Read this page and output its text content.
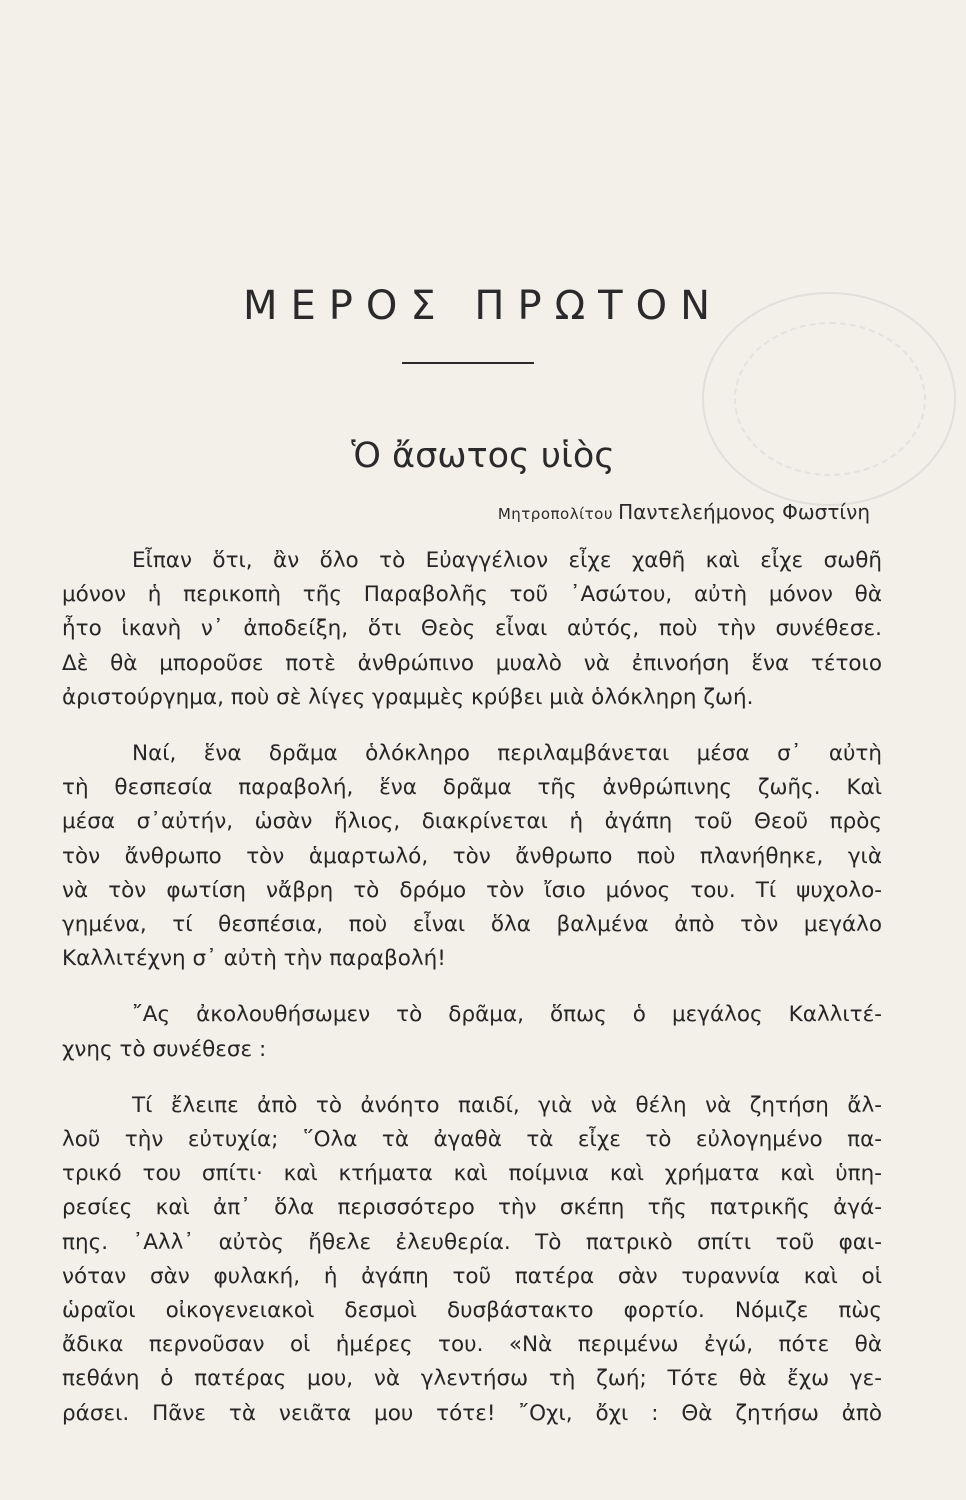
ΜΕΡΟΣ ΠΡΩΤΟΝ
Ὁ ἄσωτος υἱὸς
Μητροπολίτου Παντελεήμονος Φωστίνη
Εἶπαν ὅτι, ἂν ὅλο τὸ Εὐαγγέλιον εἶχε χαθῆ καὶ εἶχε σωθῆ
μόνον ἡ περικοπὴ τῆς Παραβολῆς τοῦ ᾿Ασώτου, αὐτὴ μόνον θὰ
ἦτο ἱκανὴ ν᾿ ἀποδείξη, ὅτι Θεὸς εἶναι αὐτός, ποὺ τὴν συνέθεσε.
Δὲ θὰ μποροῦσε ποτὲ ἀνθρώπινο μυαλὸ νὰ ἐπινοήση ἕνα τέτοιο
ἀριστούργημα, ποὺ σὲ λίγες γραμμὲς κρύβει μιὰ ὁλόκληρη ζωή.
Ναί, ἕνα δρᾶμα ὁλόκληρο περιλαμβάνεται μέσα σ᾿ αὐτὴ
τὴ θεσπεσία παραβολή, ἕνα δρᾶμα τῆς ἀνθρώπινης ζωῆς. Καὶ
μέσα σ᾿αὐτήν, ὡσὰν ἥλιος, διακρίνεται ἡ ἀγάπη τοῦ Θεοῦ πρὸς
τὸν ἄνθρωπο τὸν ἁμαρτωλό, τὸν ἄνθρωπο ποὺ πλανήθηκε, γιὰ
νὰ τὸν φωτίση νἄβρη τὸ δρόμο τὸν ἴσιο μόνος του. Τί ψυχολο-
γημένα, τί θεσπέσια, ποὺ εἶναι ὅλα βαλμένα ἀπὸ τὸν μεγάλο
Καλλιτέχνη σ᾿ αὐτὴ τὴν παραβολή!
῎Ας ἀκολουθήσωμεν τὸ δρᾶμα, ὅπως ὁ μεγάλος Καλλιτέ-
χνης τὸ συνέθεσε :
Τί ἔλειπε ἀπὸ τὸ ἀνόητο παιδί, γιὰ νὰ θέλη νὰ ζητήση ἄλ-
λοῦ τὴν εὐτυχία; ῞Ολα τὰ ἀγαθὰ τὰ εἶχε τὸ εὐλογημένο πα-
τρικό του σπίτι· καὶ κτήματα καὶ ποίμνια καὶ χρήματα καὶ ὑπη-
ρεσίες καὶ ἀπ᾿ ὅλα περισσότερο τὴν σκέπη τῆς πατρικῆς ἀγά-
πης. ᾿Αλλ᾿ αὐτὸς ἤθελε ἐλευθερία. Τὸ πατρικὸ σπίτι τοῦ φαι-
νόταν σὰν φυλακή, ἡ ἀγάπη τοῦ πατέρα σὰν τυραννία καὶ οἱ
ὡραῖοι οἰκογενειακοὶ δεσμοὶ δυσβάστακτο φορτίο. Νόμιζε πὼς
ἄδικα περνοῦσαν οἱ ἡμέρες του. «Νὰ περιμένω ἐγώ, πότε θὰ
πεθάνη ὁ πατέρας μου, νὰ γλεντήσω τὴ ζωή; Τότε θὰ ἔχω γε-
ράσει. Πᾶνε τὰ νειᾶτα μου τότε! ῎Οχι, ὄχι : Θὰ ζητήσω ἀπὸ
